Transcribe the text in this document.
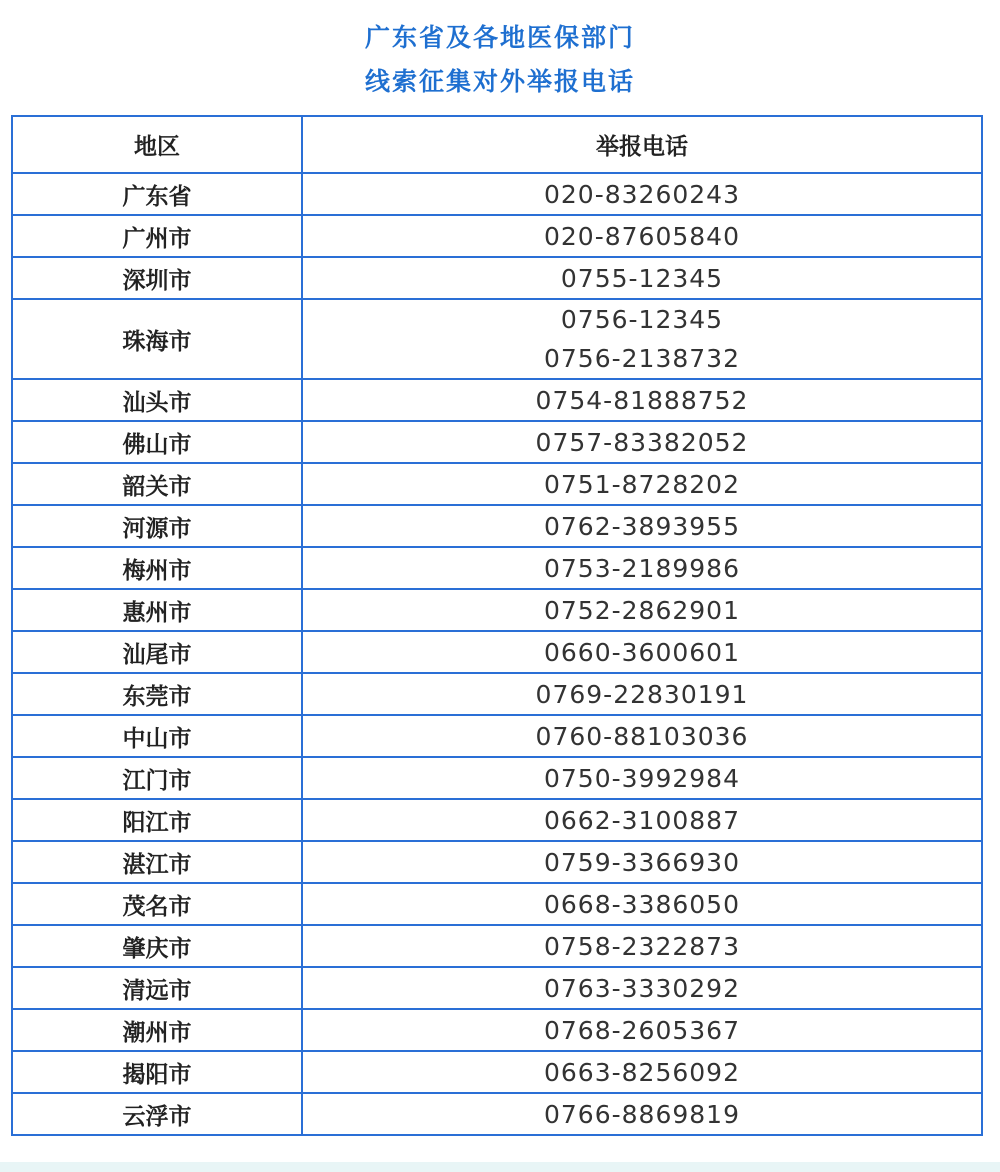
广东省及各地医保部门
线索征集对外举报电话
地区	举报电话
广东省	020-83260243

广州市	020-87605840

深圳市	0755-12345

珠海市	0756-12345
0756-2138732

汕头市	0754-81888752

佛山市	0757-83382052

韶关市	0751-8728202

河源市	0762-3893955

梅州市	0753-2189986

惠州市	0752-2862901

汕尾市	0660-3600601

东莞市	0769-22830191

中山市	0760-88103036

江门市	0750-3992984

阳江市	0662-3100887

湛江市	0759-3366930

茂名市	0668-3386050

肇庆市	0758-2322873

清远市	0763-3330292

潮州市	0768-2605367

揭阳市	0663-8256092

云浮市	0766-8869819
